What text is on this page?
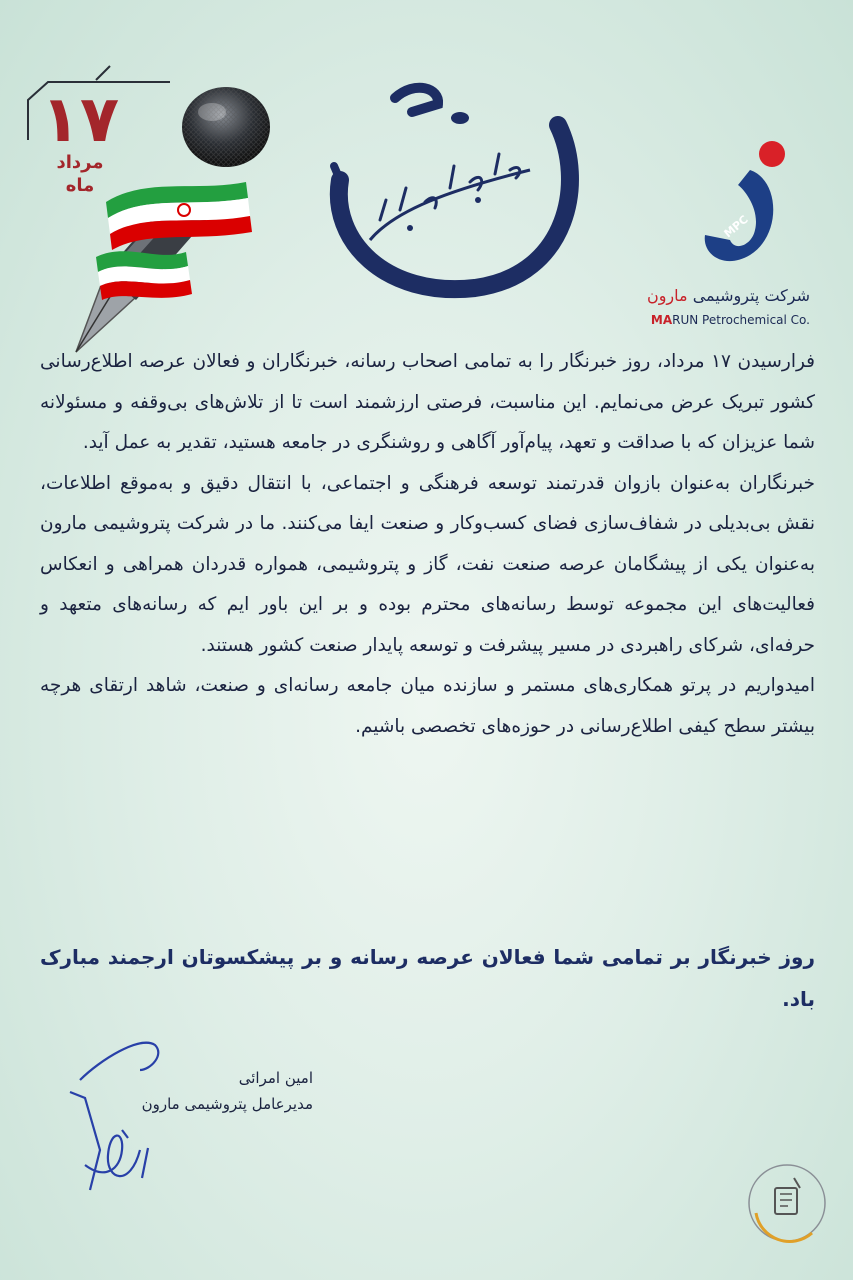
۱۷
مرداد
ماه
MPC
شرکت پتروشیمی مارون
MARUN Petrochemical Co.

فرارسیدن ۱۷ مرداد، روز خبرنگار را به تمامی اصحاب رسانه، خبرنگاران و فعالان عرصه اطلاع‌رسانی کشور تبریک عرض می‌نمایم. این مناسبت، فرصتی ارزشمند است تا از تلاش‌های بی‌وقفه و مسئولانه شما عزیزان که با صداقت و تعهد، پیام‌آور آگاهی و روشنگری در جامعه هستید، تقدیر به عمل آید.

خبرنگاران به‌عنوان بازوان قدرتمند توسعه فرهنگی و اجتماعی، با انتقال دقیق و به‌موقع اطلاعات، نقش بی‌بدیلی در شفاف‌سازی فضای کسب‌وکار و صنعت ایفا می‌کنند. ما در شرکت پتروشیمی مارون به‌عنوان یکی از پیشگامان عرصه صنعت نفت، گاز و پتروشیمی، همواره قدردان همراهی و انعکاس فعالیت‌های این مجموعه توسط رسانه‌های محترم بوده و بر این باور ایم که رسانه‌های متعهد و حرفه‌ای، شرکای راهبردی در مسیر پیشرفت و توسعه پایدار صنعت کشور هستند.

امیدواریم در پرتو همکاری‌های مستمر و سازنده میان جامعه رسانه‌ای و صنعت، شاهد ارتقای هرچه بیشتر سطح کیفی اطلاع‌رسانی در حوزه‌های تخصصی باشیم.

روز خبرنگار بر تمامی شما فعالان عرصه رسانه و بر پیشکسوتان ارجمند مبارک باد.
امین امرائی
مدیرعامل پتروشیمی مارون
